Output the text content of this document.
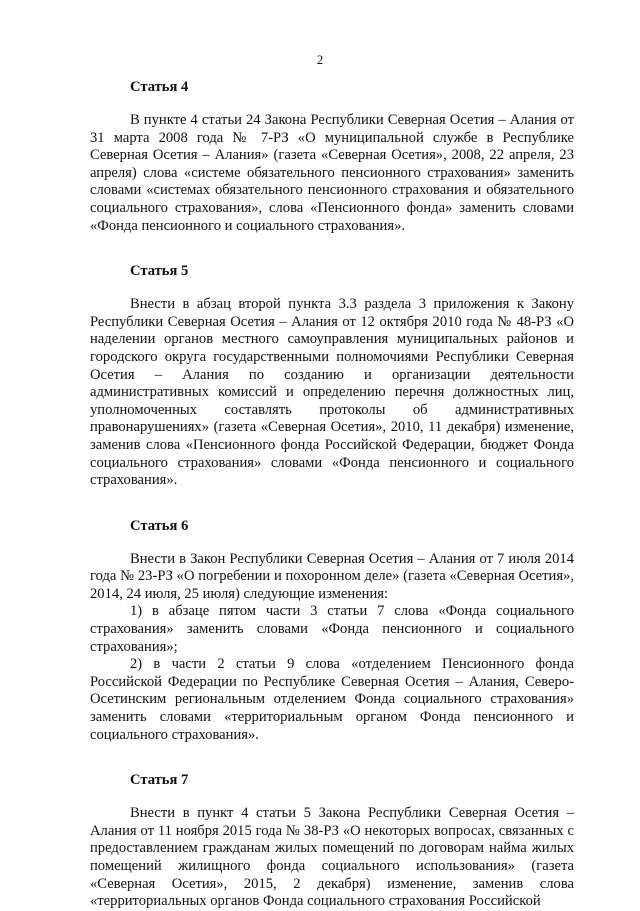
2
Статья 4

В пункте 4 статьи 24 Закона Республики Северная Осетия – Алания от 31 марта 2008 года № 7-РЗ «О муниципальной службе в Республике Северная Осетия – Алания» (газета «Северная Осетия», 2008, 22 апреля, 23 апреля) слова «системе обязательного пенсионного страхования» заменить словами «системах обязательного пенсионного страхования и обязательного социального страхования», слова «Пенсионного фонда» заменить словами «Фонда пенсионного и социального страхования».

Статья 5

Внести в абзац второй пункта 3.3 раздела 3 приложения к Закону Республики Северная Осетия – Алания от 12 октября 2010 года № 48-РЗ «О наделении органов местного самоуправления муниципальных районов и городского округа государственными полномочиями Республики Северная Осетия – Алания по созданию и организации деятельности административных комиссий и определению перечня должностных лиц, уполномоченных составлять протоколы об административных правонарушениях» (газета «Северная Осетия», 2010, 11 декабря) изменение, заменив слова «Пенсионного фонда Российской Федерации, бюджет Фонда социального страхования» словами «Фонда пенсионного и социального страхования».

Статья 6

Внести в Закон Республики Северная Осетия – Алания от 7 июля 2014 года № 23-РЗ «О погребении и похоронном деле» (газета «Северная Осетия», 2014, 24 июля, 25 июля) следующие изменения:

1) в абзаце пятом части 3 статьи 7 слова «Фонда социального страхования» заменить словами «Фонда пенсионного и социального страхования»;

2) в части 2 статьи 9 слова «отделением Пенсионного фонда Российской Федерации по Республике Северная Осетия – Алания, Северо-Осетинским региональным отделением Фонда социального страхования» заменить словами «территориальным органом Фонда пенсионного и социального страхования».

Статья 7

Внести в пункт 4 статьи 5 Закона Республики Северная Осетия – Алания от 11 ноября 2015 года № 38-РЗ «О некоторых вопросах, связанных с предоставлением гражданам жилых помещений по договорам найма жилых помещений жилищного фонда социального использования» (газета «Северная Осетия», 2015, 2 декабря) изменение, заменив слова «территориальных органов Фонда социального страхования Российской
